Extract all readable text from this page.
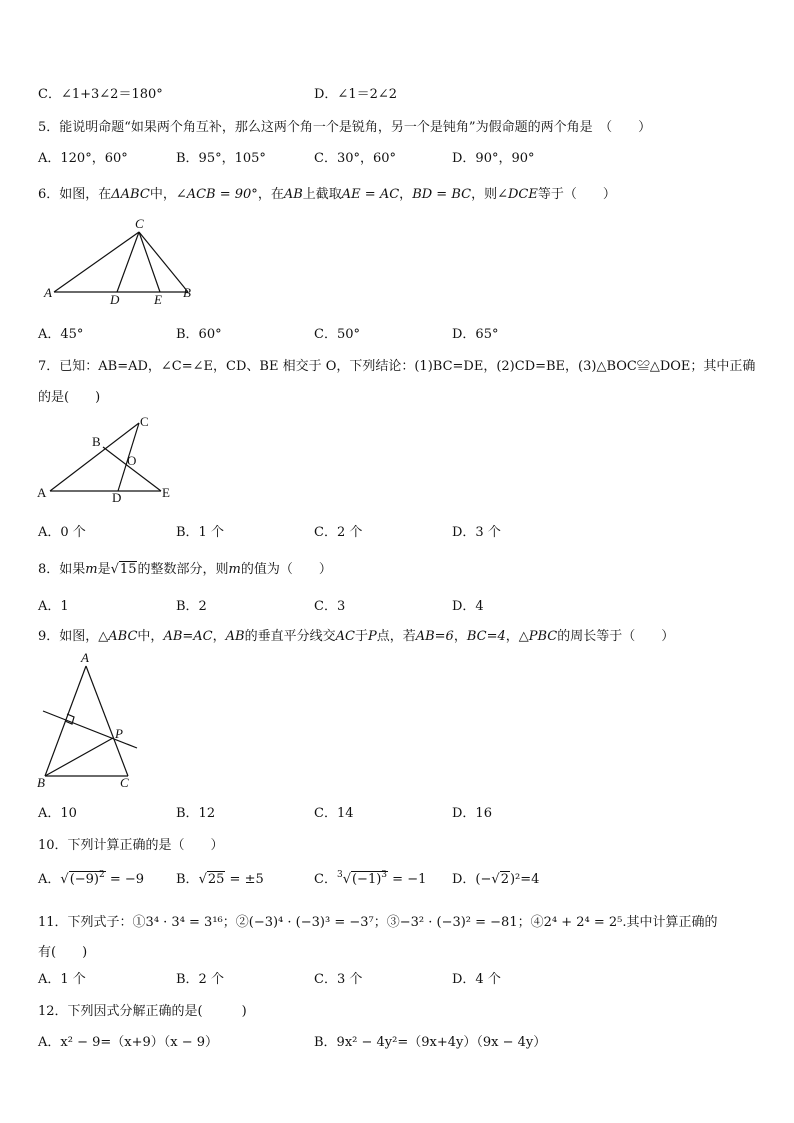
C．∠1+3∠2＝180°	D．∠1＝2∠2
5．能说明命题“如果两个角互补，那么这两个角一个是锐角，另一个是钝角”为假命题的两个角是　（　　）
A．120°，60°	B．95°，105°	C．30°，60°	D．90°，90°
6．如图，在ΔABC中，∠ACB = 90°，在AB上截取AE = AC，BD = BC，则∠DCE等于（　　）
C
A	D	E B
A．45°	B．60°	C．50°	D．65°
7．已知：AB=AD，∠C=∠E，CD、BE 相交于 O，下列结论：(1)BC=DE，(2)CD=BE，(3)△BOC≌△DOE；其中正确
的是(　　)
C
B
O
A	D	E
A．0 个	B．1 个	C．2 个	D．3 个
8．如果m是√15的整数部分，则m的值为（　　）
A．1	B．2	C．3	D．4
9．如图，△ABC中，AB=AC，AB的垂直平分线交AC于P点，若AB=6，BC=4，△PBC的周长等于（　　）
A
P
B	C
A．10	B．12	C．14	D．16
10．下列计算正确的是（　　）
A．$√(-9)^2 = -9$ B．√25 = ±5	C．$^3√(-1)^3 = -1$ D．(−√2)²=4
11．下列式子：①3⁴ · 3⁴ = 3¹⁶；②(−3)⁴ · (−3)³ = −3⁷；③−3² · (−3)² = −81；④2⁴ + 2⁴ = 2⁵.其中计算正确的
有(　　)
A．1 个	B．2 个	C．3 个	D．4 个
12．下列因式分解正确的是(　　　)
A．x² − 9=（x+9）（x − 9）	B．9x² − 4y²=（9x+4y）（9x − 4y）
